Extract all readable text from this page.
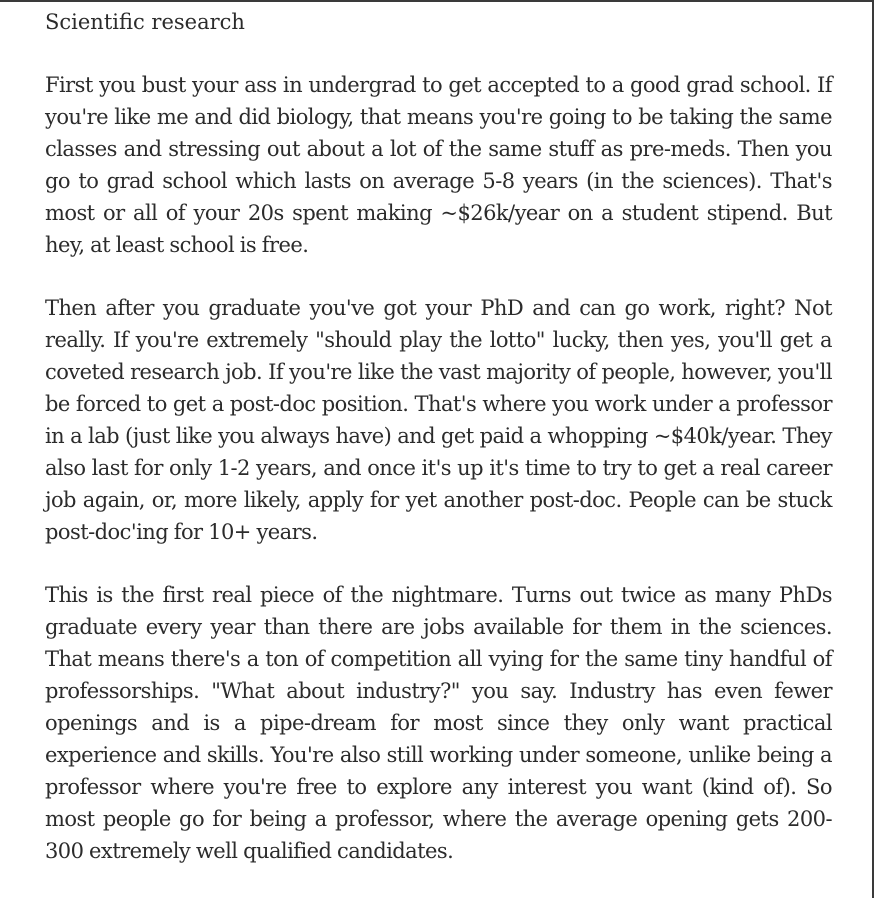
Scientific research

First you bust your ass in undergrad to get accepted to a good grad school. If you're like me and did biology, that means you're going to be taking the same classes and stressing out about a lot of the same stuff as pre-meds. Then you go to grad school which lasts on average 5-8 years (in the sciences). That's most or all of your 20s spent making ~$26k/year on a student stipend. But hey, at least school is free.

Then after you graduate you've got your PhD and can go work, right? Not really. If you're extremely "should play the lotto" lucky, then yes, you'll get a coveted research job. If you're like the vast majority of people, however, you'll be forced to get a post-doc position. That's where you work under a professor in a lab (just like you always have) and get paid a whopping ~$40k/year. They also last for only 1-2 years, and once it's up it's time to try to get a real career job again, or, more likely, apply for yet another post-doc. People can be stuck post-doc'ing for 10+ years.

This is the first real piece of the nightmare. Turns out twice as many PhDs graduate every year than there are jobs available for them in the sciences. That means there's a ton of competition all vying for the same tiny handful of professorships. "What about industry?" you say. Industry has even fewer openings and is a pipe-dream for most since they only want practical experience and skills. You're also still working under someone, unlike being a professor where you're free to explore any interest you want (kind of). So most people go for being a professor, where the average opening gets 200-300 extremely well qualified candidates.
